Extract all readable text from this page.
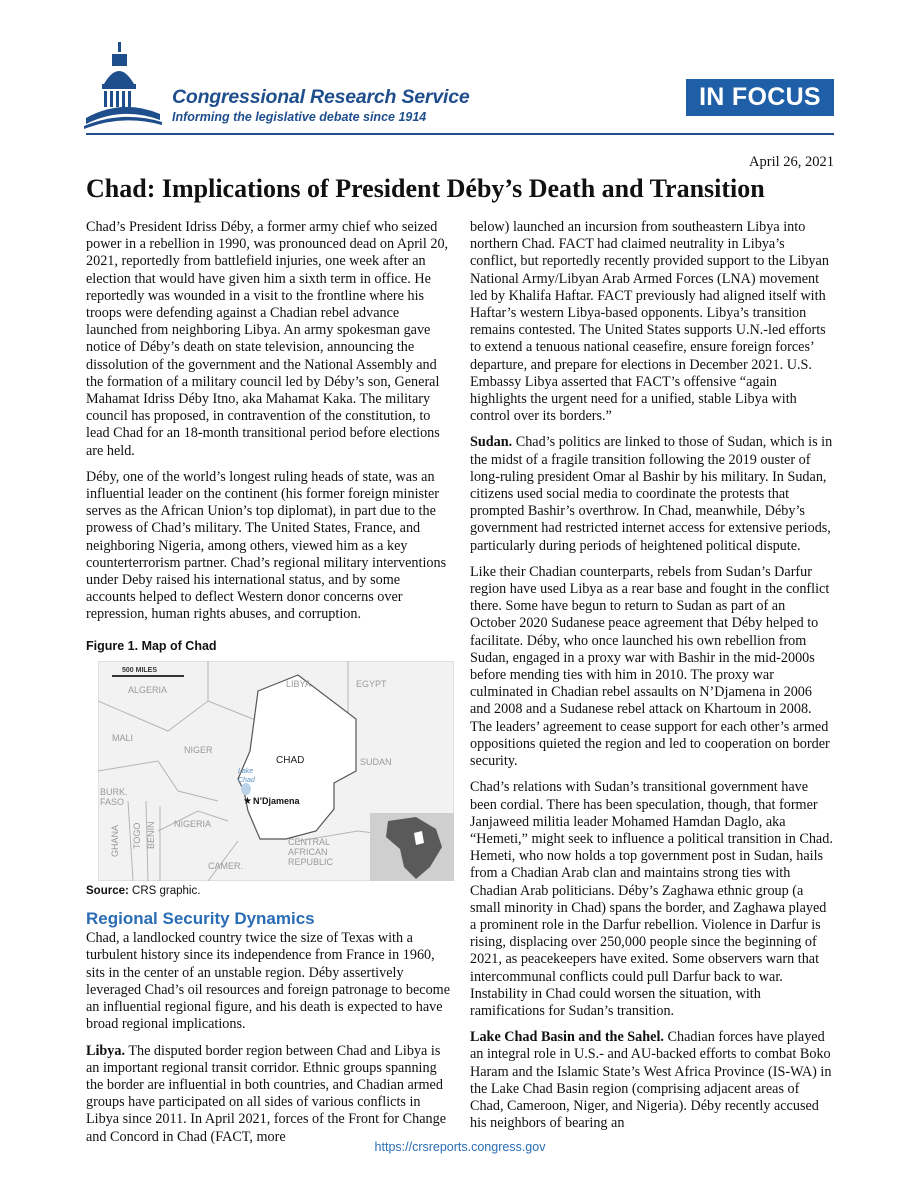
Congressional Research Service
Informing the legislative debate since 1914
IN FOCUS
April 26, 2021
Chad: Implications of President Déby’s Death and Transition

Chad’s President Idriss Déby, a former army chief who seized power in a rebellion in 1990, was pronounced dead on April 20, 2021, reportedly from battlefield injuries, one week after an election that would have given him a sixth term in office. He reportedly was wounded in a visit to the frontline where his troops were defending against a Chadian rebel advance launched from neighboring Libya. An army spokesman gave notice of Déby’s death on state television, announcing the dissolution of the government and the National Assembly and the formation of a military council led by Déby’s son, General Mahamat Idriss Déby Itno, aka Mahamat Kaka. The military council has proposed, in contravention of the constitution, to lead Chad for an 18-month transitional period before elections are held.

Déby, one of the world’s longest ruling heads of state, was an influential leader on the continent (his former foreign minister serves as the African Union’s top diplomat), in part due to the prowess of Chad’s military. The United States, France, and neighboring Nigeria, among others, viewed him as a key counterterrorism partner. Chad’s regional military interventions under Deby raised his international status, and by some accounts helped to deflect Western donor concerns over repression, human rights abuses, and corruption.

Figure 1. Map of Chad
500 MILES
ALGERIA
LIBYA	EGYPT
MALI
NIGER
SUDAN
BURK.
FASO
NIGERIA
GHANA TOGO BENIN	CENTRAL
AFRICAN
REPUBLIC
CAMER.
CHAD
Lake
Chad
★ N’Djamena
Source: CRS graphic.
Regional Security Dynamics

Chad, a landlocked country twice the size of Texas with a turbulent history since its independence from France in 1960, sits in the center of an unstable region. Déby assertively leveraged Chad’s oil resources and foreign patronage to become an influential regional figure, and his death is expected to have broad regional implications.

Libya. The disputed border region between Chad and Libya is an important regional transit corridor. Ethnic groups spanning the border are influential in both countries, and Chadian armed groups have participated on all sides of various conflicts in Libya since 2011. In April 2021, forces of the Front for Change and Concord in Chad (FACT, more

below) launched an incursion from southeastern Libya into northern Chad. FACT had claimed neutrality in Libya’s conflict, but reportedly recently provided support to the Libyan National Army/Libyan Arab Armed Forces (LNA) movement led by Khalifa Haftar. FACT previously had aligned itself with Haftar’s western Libya-based opponents. Libya’s transition remains contested. The United States supports U.N.-led efforts to extend a tenuous national ceasefire, ensure foreign forces’ departure, and prepare for elections in December 2021. U.S. Embassy Libya asserted that FACT’s offensive “again highlights the urgent need for a unified, stable Libya with control over its borders.”

Sudan. Chad’s politics are linked to those of Sudan, which is in the midst of a fragile transition following the 2019 ouster of long-ruling president Omar al Bashir by his military. In Sudan, citizens used social media to coordinate the protests that prompted Bashir’s overthrow. In Chad, meanwhile, Déby’s government had restricted internet access for extensive periods, particularly during periods of heightened political dispute.

Like their Chadian counterparts, rebels from Sudan’s Darfur region have used Libya as a rear base and fought in the conflict there. Some have begun to return to Sudan as part of an October 2020 Sudanese peace agreement that Déby helped to facilitate. Déby, who once launched his own rebellion from Sudan, engaged in a proxy war with Bashir in the mid-2000s before mending ties with him in 2010. The proxy war culminated in Chadian rebel assaults on N’Djamena in 2006 and 2008 and a Sudanese rebel attack on Khartoum in 2008. The leaders’ agreement to cease support for each other’s armed oppositions quieted the region and led to cooperation on border security.

Chad’s relations with Sudan’s transitional government have been cordial. There has been speculation, though, that former Janjaweed militia leader Mohamed Hamdan Daglo, aka “Hemeti,” might seek to influence a political transition in Chad. Hemeti, who now holds a top government post in Sudan, hails from a Chadian Arab clan and maintains strong ties with Chadian Arab politicians. Déby’s Zaghawa ethnic group (a small minority in Chad) spans the border, and Zaghawa played a prominent role in the Darfur rebellion. Violence in Darfur is rising, displacing over 250,000 people since the beginning of 2021, as peacekeepers have exited. Some observers warn that intercommunal conflicts could pull Darfur back to war. Instability in Chad could worsen the situation, with ramifications for Sudan’s transition.

Lake Chad Basin and the Sahel. Chadian forces have played an integral role in U.S.- and AU-backed efforts to combat Boko Haram and the Islamic State’s West Africa Province (IS-WA) in the Lake Chad Basin region (comprising adjacent areas of Chad, Cameroon, Niger, and Nigeria). Déby recently accused his neighbors of bearing an

https://crsreports.congress.gov
